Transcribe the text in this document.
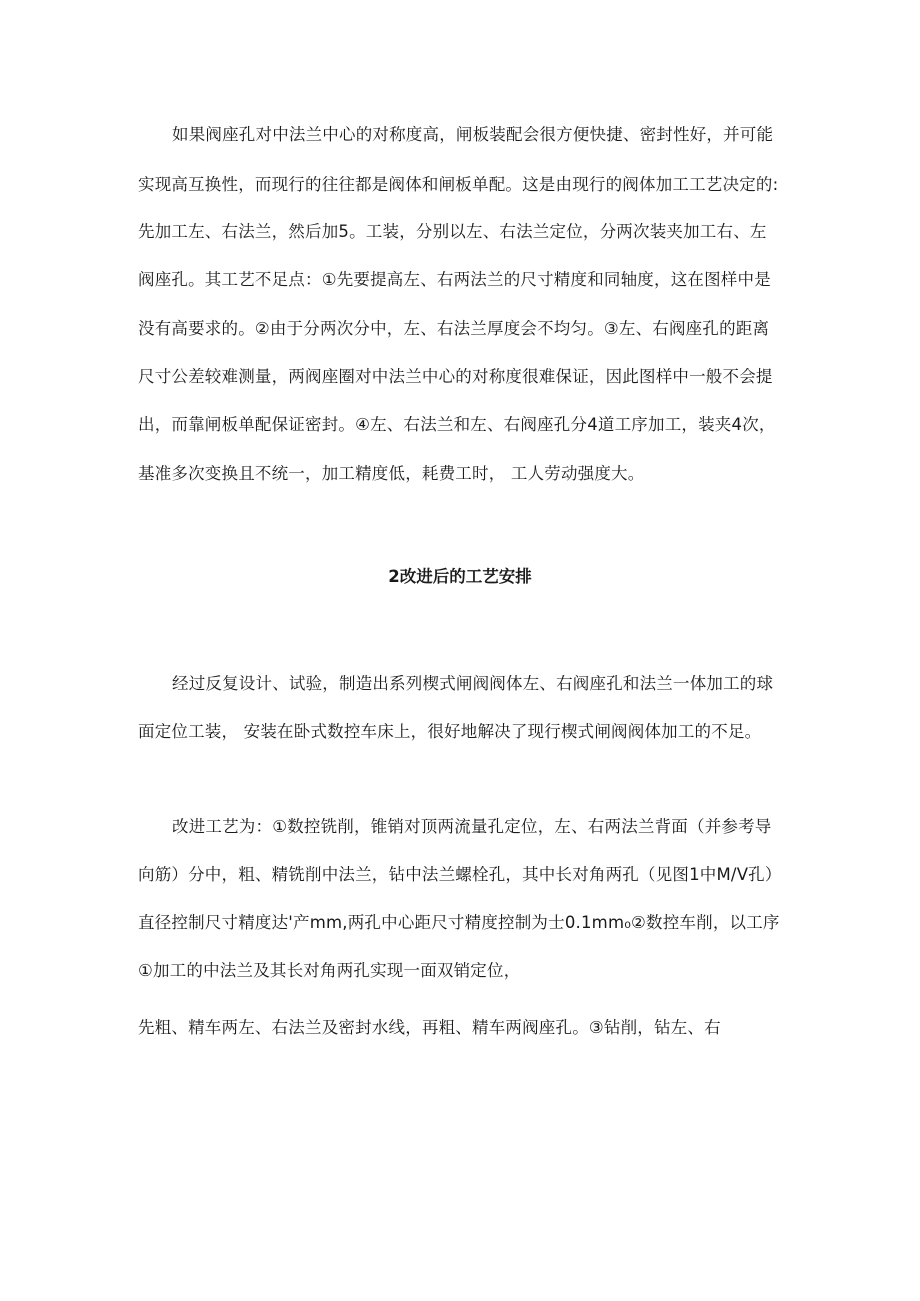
如果阀座孔对中法兰中心的对称度高，闸板装配会很方便快捷、密封性好，并可能
实现高互换性，而现行的往往都是阀体和闸板单配。这是由现行的阀体加工工艺决定的:
先加工左、右法兰，然后加5。工装，分别以左、右法兰定位，分两次装夹加工右、左
阀座孔。其工艺不足点：①先要提高左、右两法兰的尺寸精度和同轴度，这在图样中是
没有高要求的。②由于分两次分中，左、右法兰厚度会不均匀。③左、右阀座孔的距离
尺寸公差较难测量，两阀座圈对中法兰中心的对称度很难保证，因此图样中一般不会提
出，而靠闸板单配保证密封。④左、右法兰和左、右阀座孔分4道工序加工，装夹4次，
基准多次变换且不统一，加工精度低，耗费工时， 工人劳动强度大。
2改进后的工艺安排
经过反复设计、试验，制造出系列楔式闸阀阀体左、右阀座孔和法兰一体加工的球
面定位工装， 安装在卧式数控车床上，很好地解决了现行楔式闸阀阀体加工的不足。
改进工艺为：①数控铣削，锥销对顶两流量孔定位，左、右两法兰背面（并参考导
向筋）分中，粗、精铣削中法兰，钻中法兰螺栓孔，其中长对角两孔（见图1中M/V孔）
直径控制尺寸精度达'产mm,两孔中心距尺寸精度控制为士0.1mm₀②数控车削，以工序
①加工的中法兰及其长对角两孔实现一面双销定位，
先粗、精车两左、右法兰及密封水线，再粗、精车两阀座孔。③钻削，钻左、右
